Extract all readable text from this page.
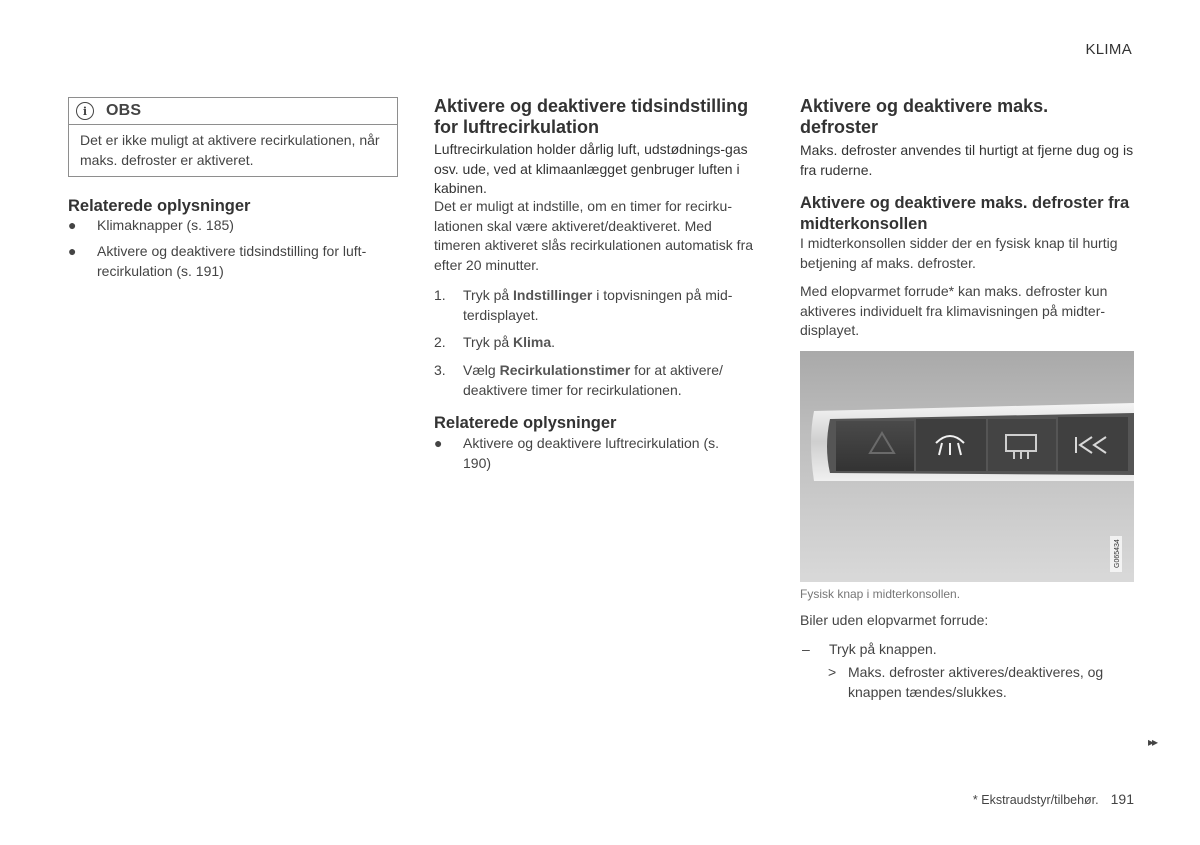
KLIMA
i	OBS
Det er ikke muligt at aktivere recirkulationen, når maks. defroster er aktiveret.
Relaterede oplysninger
● Klimaknapper (s. 185)
● Aktivere og deaktivere tidsindstilling for luft-recirkulation (s. 191)
Aktivere og deaktivere tidsindstilling for luftrecirkulation

Luftrecirkulation holder dårlig luft, udstødnings-gas osv. ude, ved at klimaanlægget genbruger luften i kabinen.

Det er muligt at indstille, om en timer for recirku-lationen skal være aktiveret/deaktiveret. Med timeren aktiveret slås recirkulationen automatisk fra efter 20 minutter.

1. Tryk på Indstillinger i topvisningen på mid-terdisplayet.
2. Tryk på Klima.
3. Vælg Recirkulationstimer for at aktivere/ deaktivere timer for recirkulationen.
Relaterede oplysninger
● Aktivere og deaktivere luftrecirkulation (s. 190)
Aktivere og deaktivere maks. defroster

Maks. defroster anvendes til hurtigt at fjerne dug og is fra ruderne.

Aktivere og deaktivere maks. defroster fra midterkonsollen

I midterkonsollen sidder der en fysisk knap til hurtig betjening af maks. defroster.

Med elopvarmet forrude* kan maks. defroster kun aktiveres individuelt fra klimavisningen på midter-displayet.

G065434
Fysisk knap i midterkonsollen.

Biler uden elopvarmet forrude:

– Tryk på knappen.
> Maks. defroster aktiveres/deaktiveres, og knappen tændes/slukkes.
▸▸
* Ekstraudstyr/tilbehør. 191
